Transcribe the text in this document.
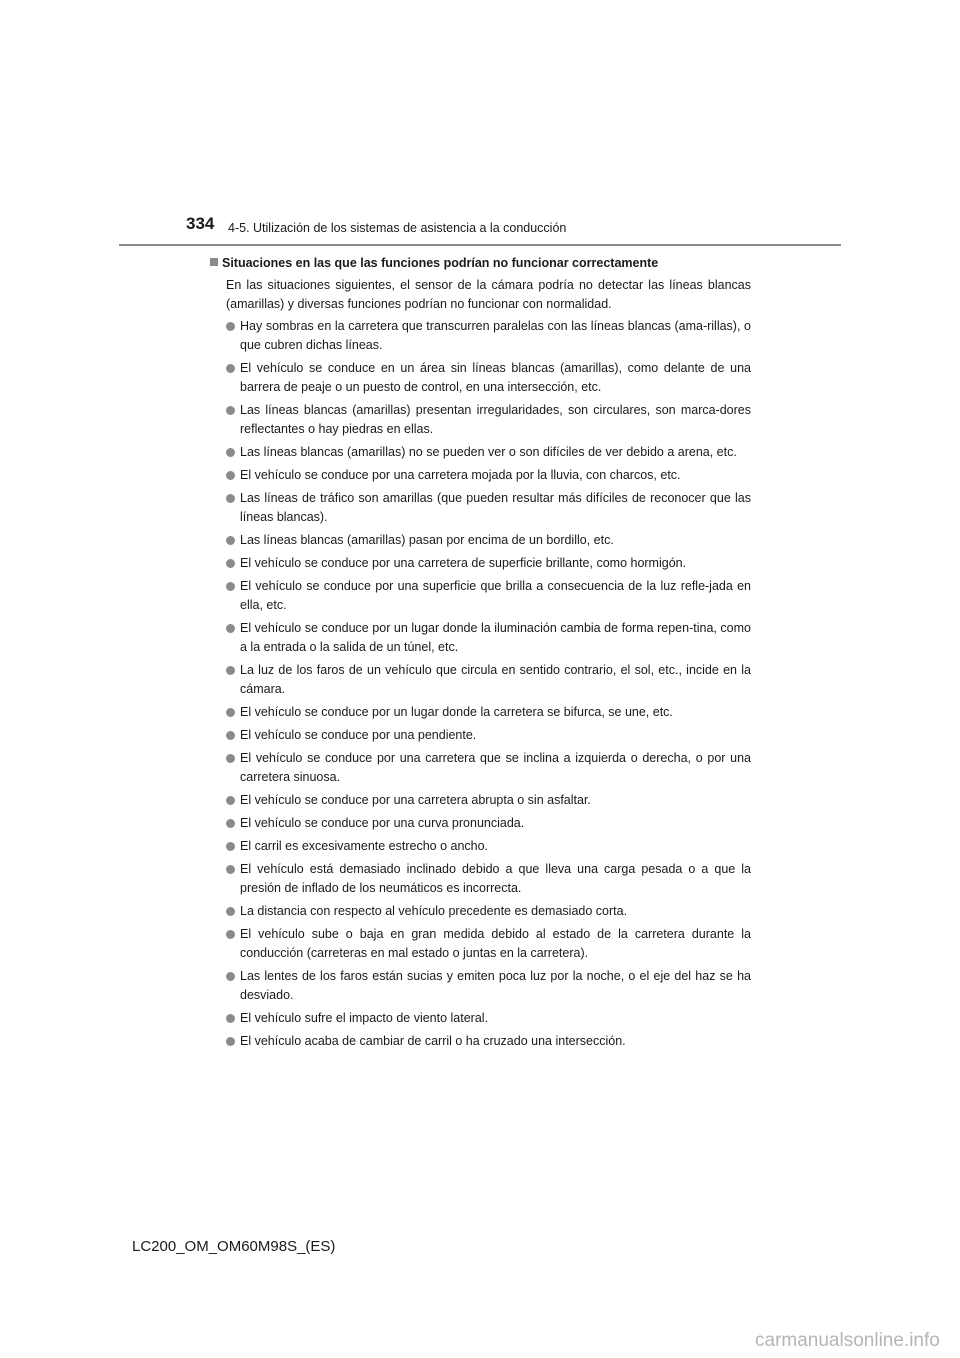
334 4-5. Utilización de los sistemas de asistencia a la conducción
Situaciones en las que las funciones podrían no funcionar correctamente

En las situaciones siguientes, el sensor de la cámara podría no detectar las líneas blancas (amarillas) y diversas funciones podrían no funcionar con normalidad.

Hay sombras en la carretera que transcurren paralelas con las líneas blancas (ama-rillas), o que cubren dichas líneas.
El vehículo se conduce en un área sin líneas blancas (amarillas), como delante de una barrera de peaje o un puesto de control, en una intersección, etc.
Las líneas blancas (amarillas) presentan irregularidades, son circulares, son marca-dores reflectantes o hay piedras en ellas.
Las líneas blancas (amarillas) no se pueden ver o son difíciles de ver debido a arena, etc.
El vehículo se conduce por una carretera mojada por la lluvia, con charcos, etc.
Las líneas de tráfico son amarillas (que pueden resultar más difíciles de reconocer que las líneas blancas).
Las líneas blancas (amarillas) pasan por encima de un bordillo, etc.
El vehículo se conduce por una carretera de superficie brillante, como hormigón.
El vehículo se conduce por una superficie que brilla a consecuencia de la luz refle-jada en ella, etc.
El vehículo se conduce por un lugar donde la iluminación cambia de forma repen-tina, como a la entrada o la salida de un túnel, etc.
La luz de los faros de un vehículo que circula en sentido contrario, el sol, etc., incide en la cámara.
El vehículo se conduce por un lugar donde la carretera se bifurca, se une, etc.
El vehículo se conduce por una pendiente.
El vehículo se conduce por una carretera que se inclina a izquierda o derecha, o por una carretera sinuosa.
El vehículo se conduce por una carretera abrupta o sin asfaltar.
El vehículo se conduce por una curva pronunciada.
El carril es excesivamente estrecho o ancho.
El vehículo está demasiado inclinado debido a que lleva una carga pesada o a que la presión de inflado de los neumáticos es incorrecta.
La distancia con respecto al vehículo precedente es demasiado corta.
El vehículo sube o baja en gran medida debido al estado de la carretera durante la conducción (carreteras en mal estado o juntas en la carretera).
Las lentes de los faros están sucias y emiten poca luz por la noche, o el eje del haz se ha desviado.
El vehículo sufre el impacto de viento lateral.
El vehículo acaba de cambiar de carril o ha cruzado una intersección.
LC200_OM_OM60M98S_(ES)
carmanualsonline.info
